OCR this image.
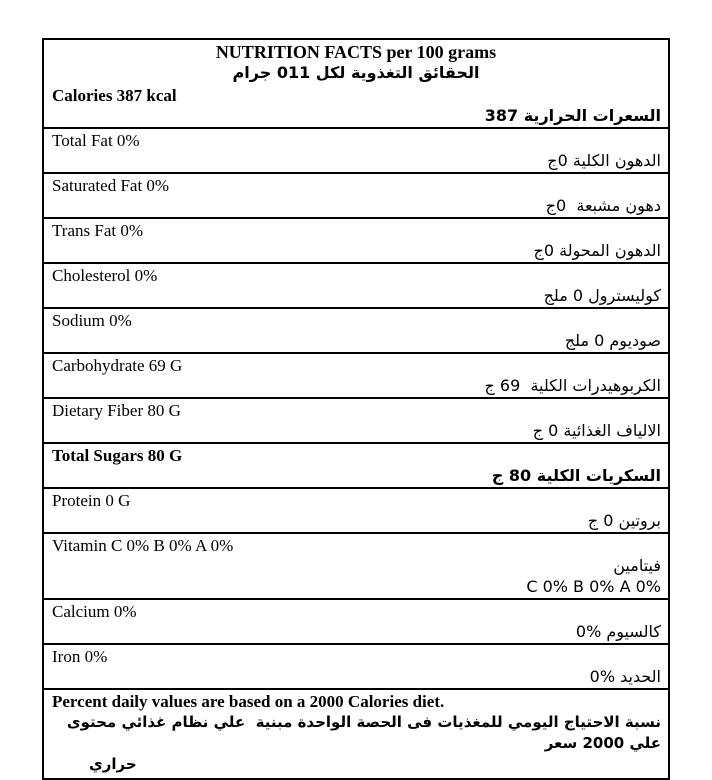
NUTRITION FACTS per 100 grams
الحقائق التغذوية لكل 011 جرام
Calories 387 kcal
السعرات الحرارية 387
Total Fat 0%
الدهون الكلية 0ج
Saturated Fat 0%
دهون مشبعة  0ج
Trans Fat 0%
الدهون المحولة 0ج
Cholesterol 0%
كوليسترول 0 ملج
Sodium 0%
صوديوم 0 ملج
Carbohydrate 69 G
الكربوهيدرات الكلية  69 ج
Dietary Fiber 80 G
الالياف الغذائية 0 ج
Total Sugars 80 G
السكريات الكلية 80 ج
Protein 0 G
بروتين 0 ج
Vitamin C 0% B 0% A 0%
فيتامين
C 0% B 0% A 0%
Calcium 0%
كالسيوم %0
Iron 0%
الحديد %0
Percent daily values are based on a 2000 Calories diet.
نسبة الاحتياج اليومي للمغذيات فى الحصة الواحدة مبنية  علي نظام غذائي محتوى علي 2000 سعر
حراري
